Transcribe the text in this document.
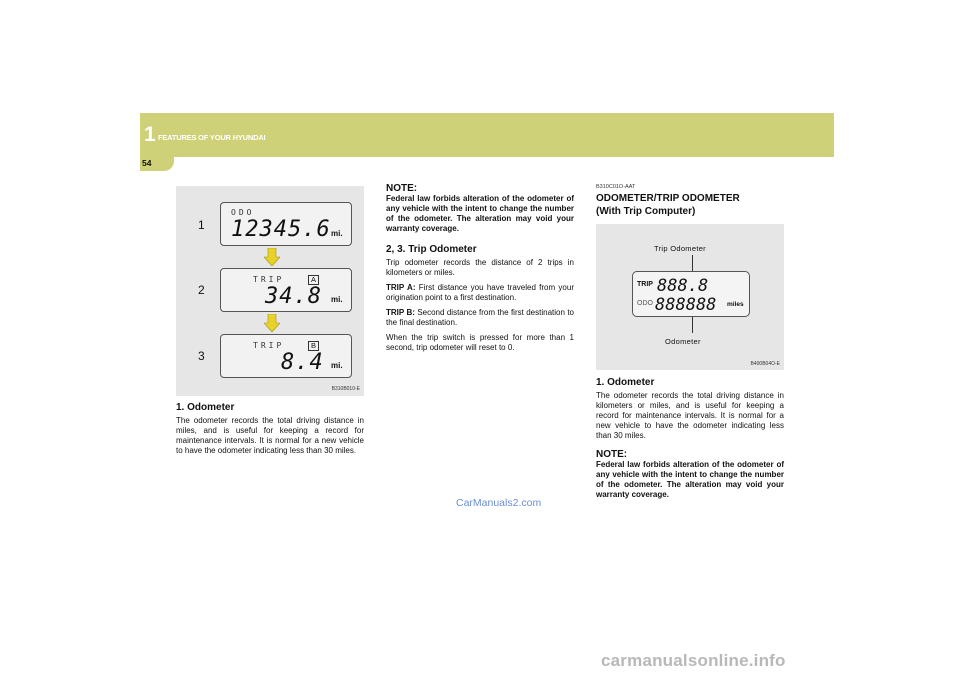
1 FEATURES OF YOUR HYUNDAI
54
1
ODO
12345.6 mi.
2
TRIP	A
34.8 mi.
3
TRIP	B
8.4 mi.
B310B010-E
1. Odometer
The odometer records the total driving distance in miles, and is useful for keeping a record for maintenance intervals. It is normal for a new vehicle to have the odometer indicating less than 30 miles.
NOTE:
Federal law forbids alteration of the odometer of any vehicle with the intent to change the number of the odometer. The alteration may void your warranty coverage.
2, 3. Trip Odometer
Trip odometer records the distance of 2 trips in kilometers or miles.
TRIP A: First distance you have traveled from your origination point to a first destination.
TRIP B: Second distance from the first destination to the final destination.
When the trip switch is pressed for more than 1 second, trip odometer will reset to 0.
B310C01O-AAT
ODOMETER/TRIP ODOMETER
(With Trip Computer)
Trip Odometer
TRIP 888.8
ODO 888888 miles
Odometer
B400B04O-E
1. Odometer
The odometer records the total driving distance in kilometers or miles, and is useful for keeping a record for maintenance intervals. It is normal for a new vehicle to have the odometer indicating less than 30 miles.
NOTE:
Federal law forbids alteration of the odometer of any vehicle with the intent to change the number of the odometer. The alteration may void your warranty coverage.
CarManuals2.com
carmanualsonline.info
